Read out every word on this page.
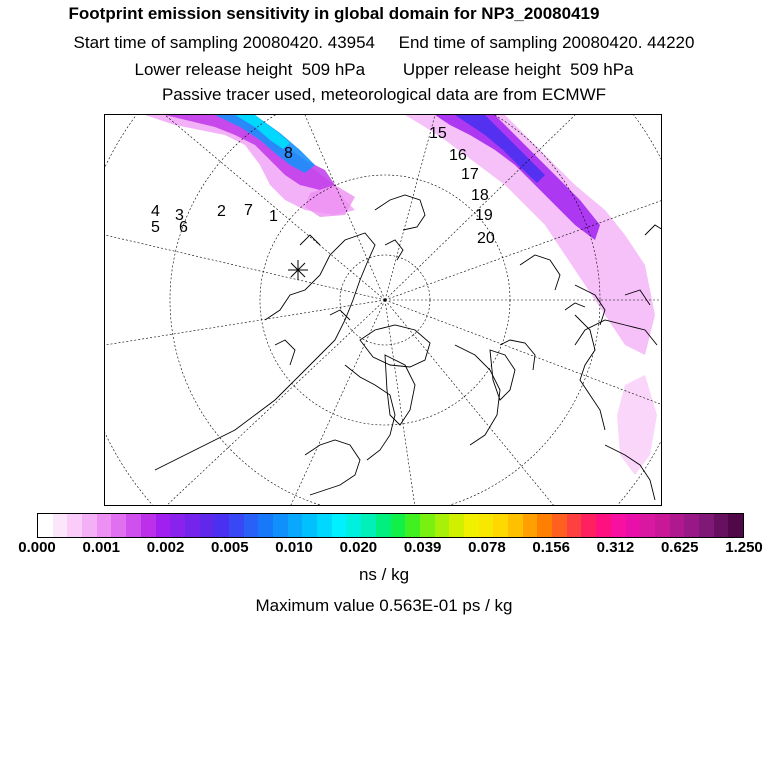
Footprint emission sensitivity in global domain for NP3_20080419
Start time of sampling 20080420. 43954     End time of sampling 20080420. 44220
Lower release height  509 hPa        Upper release height  509 hPa
Passive tracer used, meteorological data are from ECMWF
4
5
3
6
2 7 1
8
15
16
17
18
19
20
0.000 0.001 0.002 0.005 0.010 0.020 0.039 0.078 0.156 0.312 0.625 1.250
ns / kg
Maximum value 0.563E-01 ps / kg
